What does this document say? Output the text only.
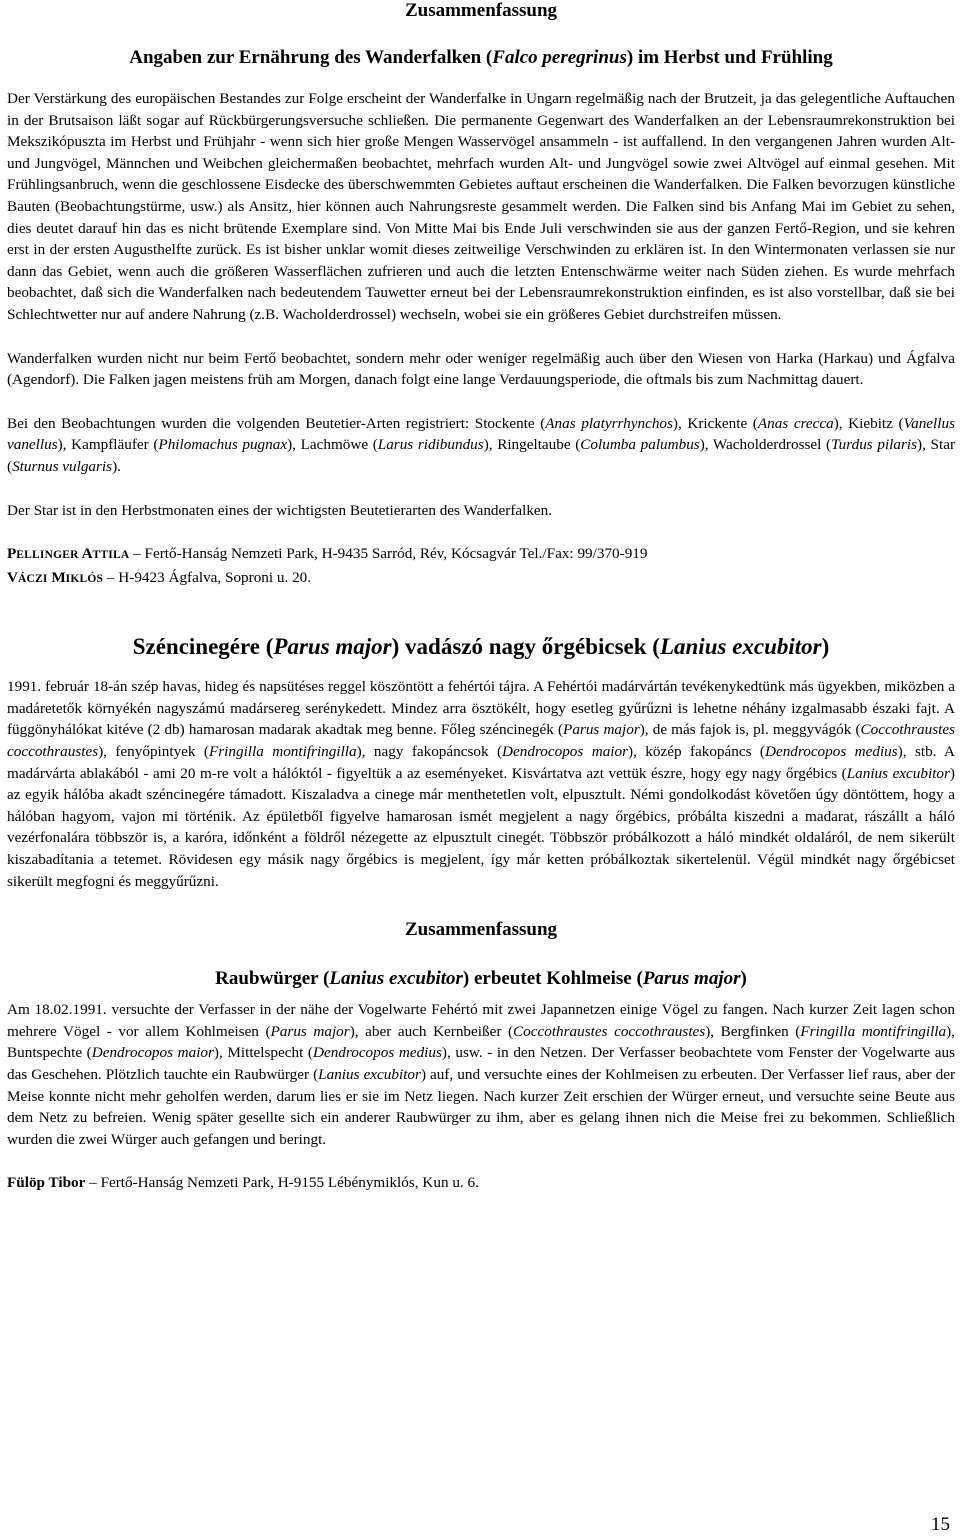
Zusammenfassung
Angaben zur Ernährung des Wanderfalken (Falco peregrinus) im Herbst und Frühling

Der Verstärkung des europäischen Bestandes zur Folge erscheint der Wanderfalke in Ungarn regelmäßig nach der Brutzeit, ja das gelegentliche Auftauchen in der Brutsaison läßt sogar auf Rückbürgerungsversuche schließen. Die permanente Gegenwart des Wanderfalken an der Lebensraumrekonstruktion bei Mekszikópuszta im Herbst und Frühjahr - wenn sich hier große Mengen Wasservögel ansammeln - ist auffallend. In den vergangenen Jahren wurden Alt- und Jungvögel, Männchen und Weibchen gleichermaßen beobachtet, mehrfach wurden Alt- und Jungvögel sowie zwei Altvögel auf einmal gesehen. Mit Frühlingsanbruch, wenn die geschlossene Eisdecke des überschwemmten Gebietes auftaut erscheinen die Wanderfalken. Die Falken bevorzugen künstliche Bauten (Beobachtungstürme, usw.) als Ansitz, hier können auch Nahrungsreste gesammelt werden. Die Falken sind bis Anfang Mai im Gebiet zu sehen, dies deutet darauf hin das es nicht brütende Exemplare sind. Von Mitte Mai bis Ende Juli verschwinden sie aus der ganzen Fertő-Region, und sie kehren erst in der ersten Augusthelfte zurück. Es ist bisher unklar womit dieses zeitweilige Verschwinden zu erklären ist. In den Wintermonaten verlassen sie nur dann das Gebiet, wenn auch die größeren Wasserflächen zufrieren und auch die letzten Entenschwärme weiter nach Süden ziehen. Es wurde mehrfach beobachtet, daß sich die Wanderfalken nach bedeutendem Tauwetter erneut bei der Lebensraumrekonstruktion einfinden, es ist also vorstellbar, daß sie bei Schlechtwetter nur auf andere Nahrung (z.B. Wacholderdrossel) wechseln, wobei sie ein größeres Gebiet durchstreifen müssen.

Wanderfalken wurden nicht nur beim Fertő beobachtet, sondern mehr oder weniger regelmäßig auch über den Wiesen von Harka (Harkau) und Ágfalva (Agendorf). Die Falken jagen meistens früh am Morgen, danach folgt eine lange Verdauungsperiode, die oftmals bis zum Nachmittag dauert.

Bei den Beobachtungen wurden die volgenden Beutetier-Arten registriert: Stockente (Anas platyrrhynchos), Krickente (Anas crecca), Kiebitz (Vanellus vanellus), Kampfläufer (Philomachus pugnax), Lachmöwe (Larus ridibundus), Ringeltaube (Columba palumbus), Wacholderdrossel (Turdus pilaris), Star (Sturnus vulgaris).

Der Star ist in den Herbstmonaten eines der wichtigsten Beutetierarten des Wanderfalken.

PELLINGER ATTILA – Fertő-Hanság Nemzeti Park, H-9435 Sarród, Rév, Kócsagvár Tel./Fax: 99/370-919
VÁCZI MIKLÓS – H-9423 Ágfalva, Soproni u. 20.
Széncinegére (Parus major) vadászó nagy őrgébicsek (Lanius excubitor)

1991. február 18-án szép havas, hideg és napsütéses reggel köszöntött a fehértói tájra. A Fehértói madárvártán tevékenykedtünk más ügyekben, miközben a madáretetők környékén nagyszámú madársereg serénykedett. Mindez arra ösztökélt, hogy esetleg gyűrűzni is lehetne néhány izgalmasabb északi fajt. A függönyhálókat kitéve (2 db) hamarosan madarak akadtak meg benne. Főleg széncinegék (Parus major), de más fajok is, pl. meggyvágók (Coccothraustes coccothraustes), fenyőpintyek (Fringilla montifringilla), nagy fakopáncsok (Dendrocopos maior), közép fakopáncs (Dendrocopos medius), stb. A madárvárta ablakából - ami 20 m-re volt a hálóktól - figyeltük a az eseményeket. Kisvártatva azt vettük észre, hogy egy nagy őrgébics (Lanius excubitor) az egyik hálóba akadt széncinegére támadott. Kiszaladva a cinege már menthetetlen volt, elpusztult. Némi gondolkodást követően úgy döntöttem, hogy a hálóban hagyom, vajon mi történik. Az épületből figyelve hamarosan ismét megjelent a nagy őrgébics, próbálta kiszedni a madarat, rászállt a háló vezérfonalára többször is, a karóra, időnként a földről nézegette az elpusztult cinegét. Többször próbálkozott a háló mindkét oldaláról, de nem sikerült kiszabadítania a tetemet. Rövidesen egy másik nagy őrgébics is megjelent, így már ketten próbálkoztak sikertelenül. Végül mindkét nagy őrgébicset sikerült megfogni és meggyűrűzni.

Zusammenfassung
Raubwürger (Lanius excubitor) erbeutet Kohlmeise (Parus major)

Am 18.02.1991. versuchte der Verfasser in der nähe der Vogelwarte Fehértó mit zwei Japannetzen einige Vögel zu fangen. Nach kurzer Zeit lagen schon mehrere Vögel - vor allem Kohlmeisen (Parus major), aber auch Kernbeißer (Coccothraustes coccothraustes), Bergfinken (Fringilla montifringilla), Buntspechte (Dendrocopos maior), Mittelspecht (Dendrocopos medius), usw. - in den Netzen. Der Verfasser beobachtete vom Fenster der Vogelwarte aus das Geschehen. Plötzlich tauchte ein Raubwürger (Lanius excubitor) auf, und versuchte eines der Kohlmeisen zu erbeuten. Der Verfasser lief raus, aber der Meise konnte nicht mehr geholfen werden, darum lies er sie im Netz liegen. Nach kurzer Zeit erschien der Würger erneut, und versuchte seine Beute aus dem Netz zu befreien. Wenig später gesellte sich ein anderer Raubwürger zu ihm, aber es gelang ihnen nich die Meise frei zu bekommen. Schließlich wurden die zwei Würger auch gefangen und beringt.

Fülöp Tibor – Fertő-Hanság Nemzeti Park, H-9155 Lébénymiklós, Kun u. 6.
15
